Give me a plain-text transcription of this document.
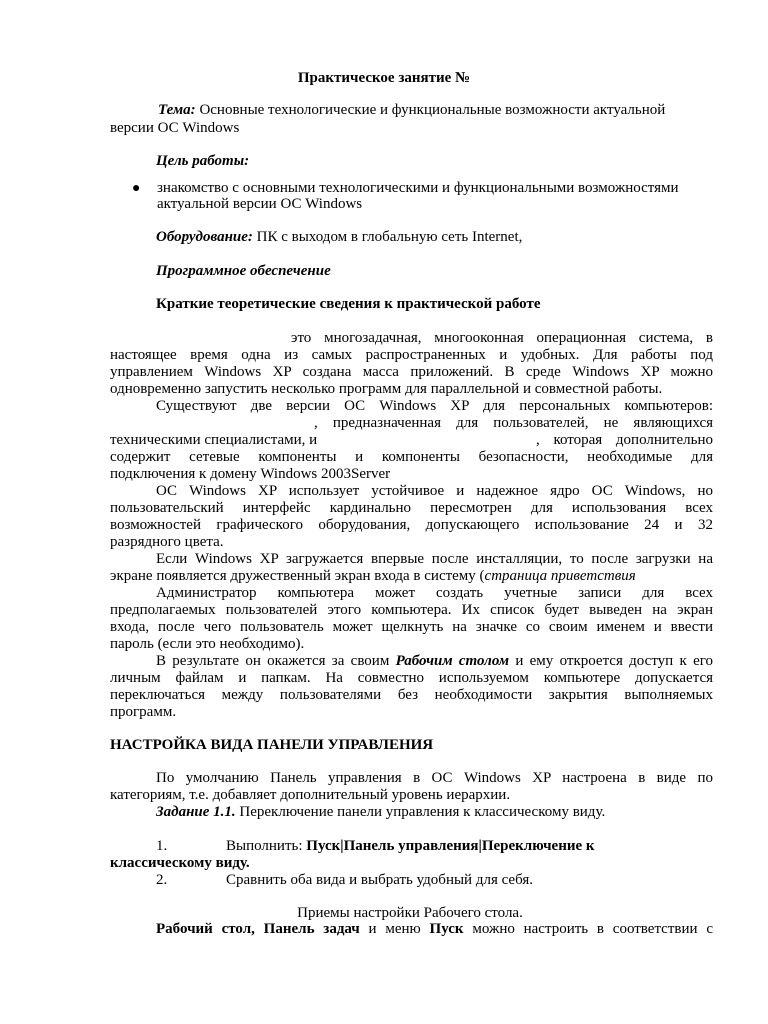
Практическое занятие №
Тема: Основные технологические и функциональные возможности актуальной
версии ОС Windows
Цель работы:
● знакомство с основными технологическими и функциональными возможностями
актуальной версии ОС Windows
Оборудование: ПК с выходом в глобальную сеть Internet,
Программное обеспечение
Краткие теоретические сведения к практической работе
это многозадачная, многооконная операционная система, в
настоящее время одна из самых распространенных и удобных. Для работы под
управлением Windows XP создана масса приложений. В среде Windows XP можно
одновременно запустить несколько программ для параллельной и совместной работы.
Существуют две версии ОС Windows XP для персональных компьютеров:
, предназначенная для пользователей, не являющихся
техническими специалистами, и	, которая дополнительно
содержит сетевые компоненты и компоненты безопасности, необходимые для
подключения к домену Windows 2003Server
ОС Windows XP использует устойчивое и надежное ядро ОС Windows, но
пользовательский интерфейс кардинально пересмотрен для использования всех
возможностей графического оборудования, допускающего использование 24 и 32
разрядного цвета.
Если Windows XP загружается впервые после инсталляции, то после загрузки на
экране появляется дружественный экран входа в систему (страница приветствия
Администратор компьютера может создать учетные записи для всех
предполагаемых пользователей этого компьютера. Их список будет выведен на экран
входа, после чего пользователь может щелкнуть на значке со своим именем и ввести
пароль (если это необходимо).
В результате он окажется за своим Рабочим столом и ему откроется доступ к его
личным файлам и папкам. На совместно используемом компьютере допускается
переключаться между пользователями без необходимости закрытия выполняемых
программ.
НАСТРОЙКА ВИДА ПАНЕЛИ УПРАВЛЕНИЯ
По умолчанию Панель управления в ОС Windows XP настроена в виде по
категориям, т.е. добавляет дополнительный уровень иерархии.
Задание 1.1. Переключение панели управления к классическому виду.
1.	Выполнить: Пуск|Панель управления|Переключение к
классическому виду.
2.	Сравнить оба вида и выбрать удобный для себя.
Приемы настройки Рабочего стола.
Рабочий стол, Панель задач и меню Пуск можно настроить в соответствии с
